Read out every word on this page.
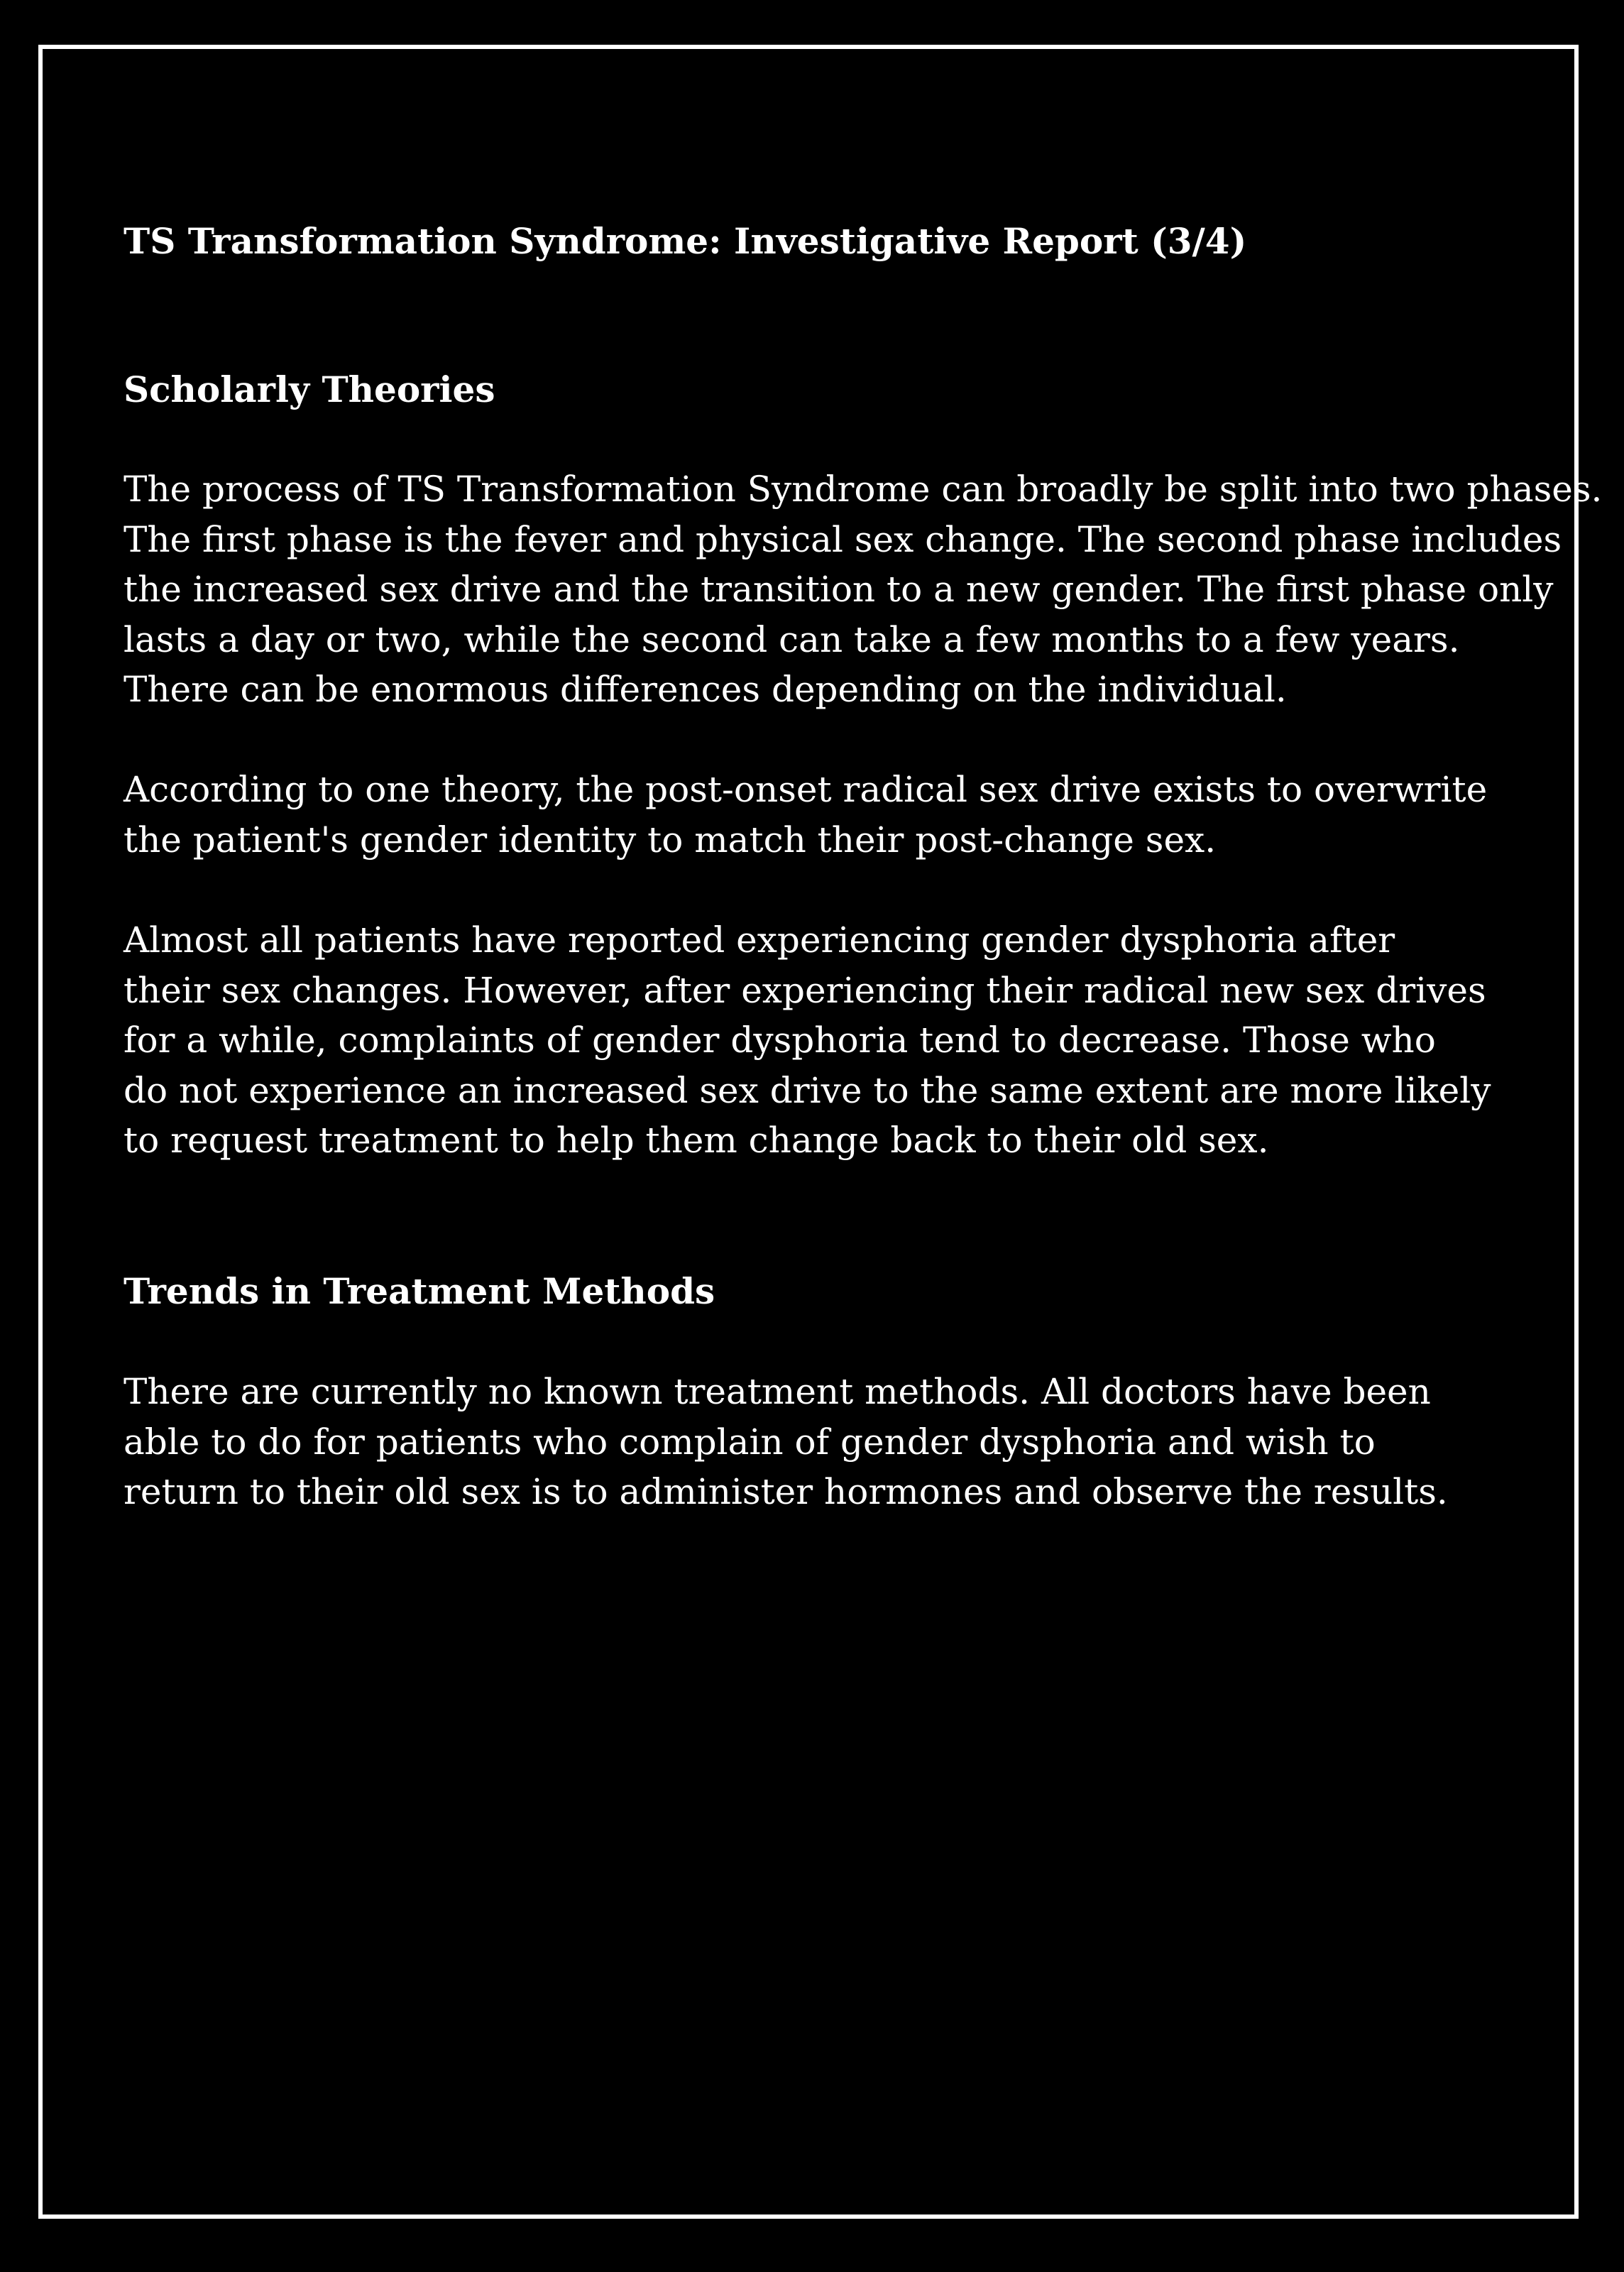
TS Transformation Syndrome: Investigative Report (3/4)
Scholarly Theories

The process of TS Transformation Syndrome can broadly be split into two phases.
The first phase is the fever and physical sex change. The second phase includes
the increased sex drive and the transition to a new gender. The first phase only
lasts a day or two, while the second can take a few months to a few years.
There can be enormous differences depending on the individual.

According to one theory, the post-onset radical sex drive exists to overwrite
the patient's gender identity to match their post-change sex.

Almost all patients have reported experiencing gender dysphoria after
their sex changes. However, after experiencing their radical new sex drives
for a while, complaints of gender dysphoria tend to decrease. Those who
do not experience an increased sex drive to the same extent are more likely
to request treatment to help them change back to their old sex.

Trends in Treatment Methods

There are currently no known treatment methods. All doctors have been
able to do for patients who complain of gender dysphoria and wish to
return to their old sex is to administer hormones and observe the results.
